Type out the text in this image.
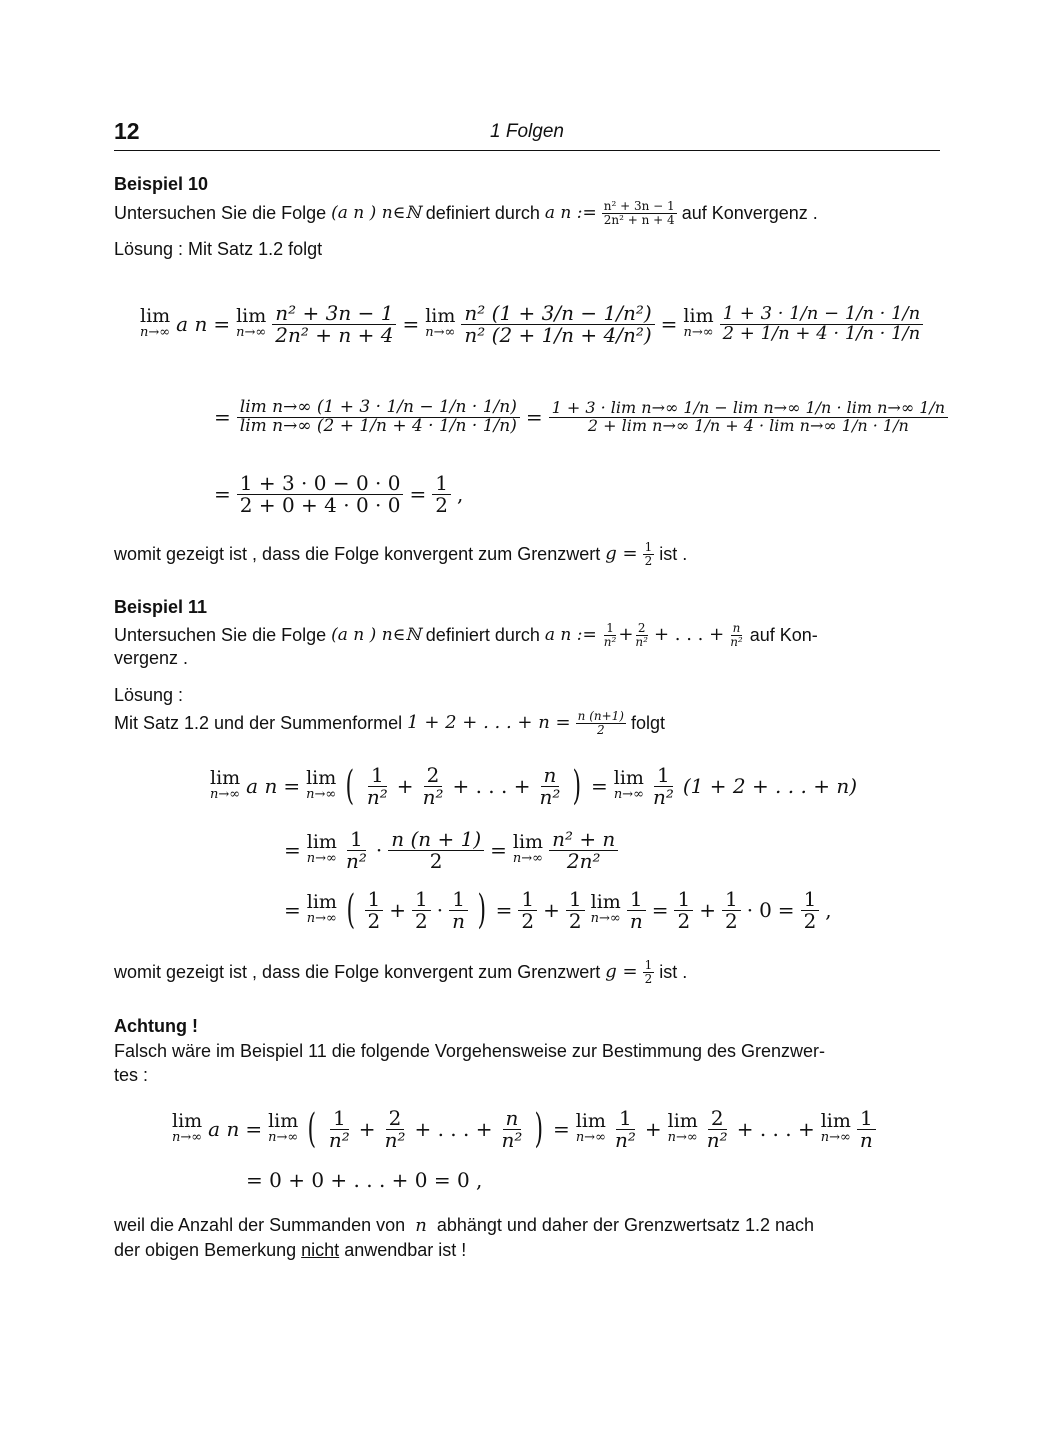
12	1 Folgen
Beispiel 10
Untersuchen Sie die Folge
(a n ) n∈ℕ
definiert durch
a n :=
$\frac{\text{n² + 3n − 1}}{\text{2n² + n + 4}}$
auf Konvergenz .
Lösung : Mit Satz 1.2 folgt
lim
n→∞ a n = lim
$n\to\infty \frac{\text{n² + 3n − 1}}{\text{2n² + n + 4}} = \lim$
$n\to\infty \frac{\text{n² (1 + 3/n − 1/n²)}}{\text{n² (2 + 1/n + 4/n²)}} = \lim$
$n\to\infty \frac{1 + 3 \cdot 1/n - 1/n \cdot 1/n}{2 + 1/n + 4 \cdot 1/n \cdot 1/n}$
= $\frac{\text{lim n→∞ (1 + 3 · 1/n − 1/n · 1/n)}}{\text{lim n→∞ (2 + 1/n + 4 · 1/n · 1/n)}} = \frac{\text{1 + 3 · lim n→∞ 1/n − lim n→∞ 1/n · lim n→∞ 1/n}}{\text{2 + lim n→∞ 1/n + 4 · lim n→∞ 1/n · 1/n}}$
= $\frac{1 + 3 \cdot 0 - 0 \cdot 0}{2 + 0 + 4 \cdot 0 \cdot 0} = \frac{1}{2}$ ,
womit gezeigt ist , dass die Folge konvergent zum Grenzwert
g =
$\frac{1}{2}$
ist .
Beispiel 11
Untersuchen Sie die Folge
(a n ) n∈ℕ
definiert durch
a n :=
$\frac{1}{\text{n²}} + \frac{2}{\text{n²}}$ + . . . + $\frac{n}{\text{n²}}$
auf Kon-
vergenz .
Lösung :
Mit Satz 1.2 und der Summenformel
1 + 2 + . . . + n =
$\frac{n (n+1)}{2}$
folgt
lim
n→∞ a n = lim
n→∞ ( $\frac{1}{\text{n²}} + \frac{2}{\text{n²}}$ + . . . + $\frac{n}{\text{n²}}$ ) = lim
$n\to\infty \frac{1}{\text{n²}} (1 + 2$ + . . . + n)
= lim
$n\to\infty \frac{1}{\text{n²}} \cdot \frac{n (n + 1)}{2} = \lim$
$n\to\infty \frac{\text{n² + n}}{\text{2n²}}$
= lim
n→∞ ( $\frac{1}{2} + \frac{1}{2} \cdot \frac{1}{n}$ ) = $\frac{1}{2} + \frac{1}{2}$ lim
$n\to\infty \frac{1}{n} = \frac{1}{2} + \frac{1}{2} \cdot 0 = \frac{1}{2}$ ,
womit gezeigt ist , dass die Folge konvergent zum Grenzwert
g =
$\frac{1}{2}$
ist .
Achtung !
Falsch wäre im Beispiel 11 die folgende Vorgehensweise zur Bestimmung des Grenzwer-
tes :
lim
n→∞ a n = lim
n→∞ ( $\frac{1}{\text{n²}} + \frac{2}{\text{n²}}$ + . . . + $\frac{n}{\text{n²}}$ ) = lim
$n\to\infty \frac{1}{\text{n²}} + \lim$
$n\to\infty \frac{2}{\text{n²}}$ + . . . + lim
$n\to\infty \frac{1}{n}$
= 0 + 0 + . . . + 0 = 0 ,
weil die Anzahl der Summanden von n abhängt und daher der Grenzwertsatz 1.2 nach
der obigen Bemerkung nicht anwendbar ist !
